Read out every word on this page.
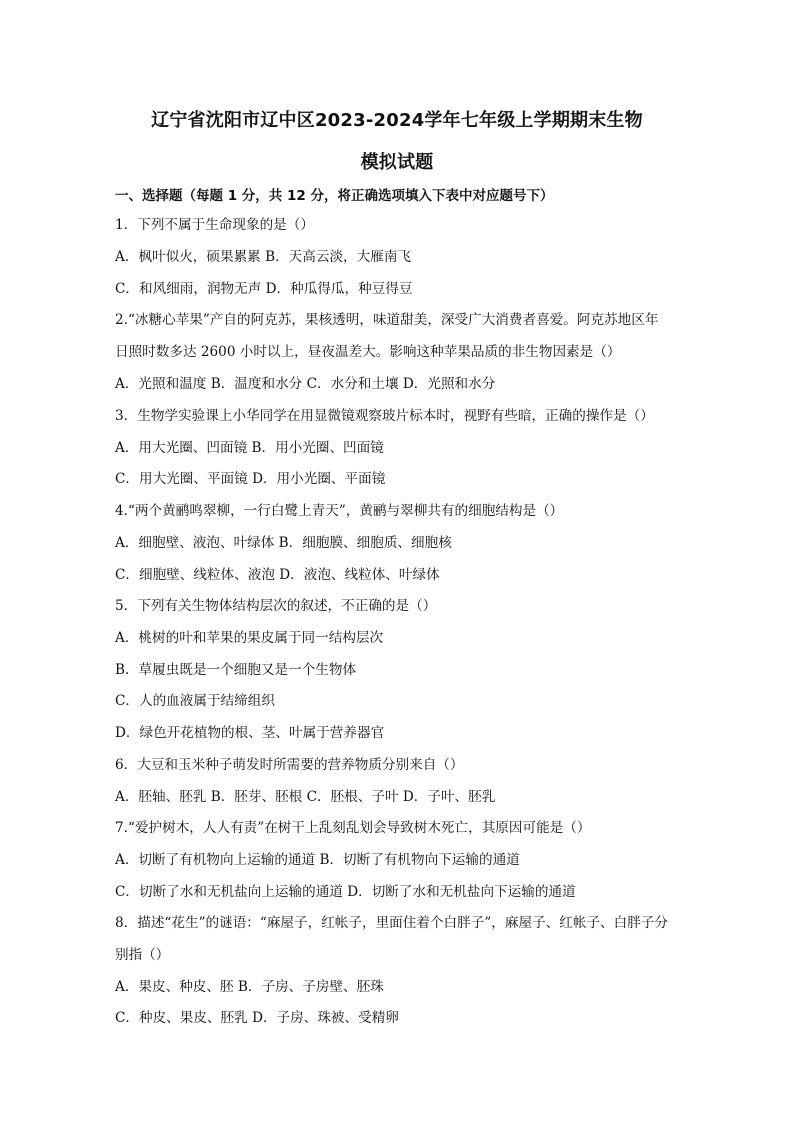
辽宁省沈阳市辽中区2023-2024学年七年级上学期期末生物
模拟试题
一、选择题（每题 1 分，共 12 分，将正确选项填入下表中对应题号下）
1．下列不属于生命现象的是（）
A．枫叶似火，硕果累累 B．天高云淡，大雁南飞
C．和风细雨，润物无声 D．种瓜得瓜，种豆得豆
2.“冰糖心苹果”产自的阿克苏，果核透明，味道甜美，深受广大消费者喜爱。阿克苏地区年
日照时数多达 2600 小时以上，昼夜温差大。影响这种苹果品质的非生物因素是（）
A．光照和温度 B．温度和水分 C．水分和土壤 D．光照和水分
3．生物学实验课上小华同学在用显微镜观察玻片标本时，视野有些暗，正确的操作是（）
A．用大光圈、凹面镜 B．用小光圈、凹面镜
C．用大光圈、平面镜 D．用小光圈、平面镜
4.“两个黄鹂鸣翠柳，一行白鹭上青天”，黄鹂与翠柳共有的细胞结构是（）
A．细胞壁、液泡、叶绿体 B．细胞膜、细胞质、细胞核
C．细胞壁、线粒体、液泡 D．液泡、线粒体、叶绿体
5．下列有关生物体结构层次的叙述，不正确的是（）
A．桃树的叶和苹果的果皮属于同一结构层次
B．草履虫既是一个细胞又是一个生物体
C．人的血液属于结缔组织
D．绿色开花植物的根、茎、叶属于营养器官
6．大豆和玉米种子萌发时所需要的营养物质分别来自（）
A．胚轴、胚乳 B．胚芽、胚根 C．胚根、子叶 D．子叶、胚乳
7.“爱护树木，人人有责”在树干上乱刻乱划会导致树木死亡，其原因可能是（）
A．切断了有机物向上运输的通道 B．切断了有机物向下运输的通道
C．切断了水和无机盐向上运输的通道 D．切断了水和无机盐向下运输的通道
8．描述“花生”的谜语：“麻屋子，红帐子，里面住着个白胖子”，麻屋子、红帐子、白胖子分
别指（）
A．果皮、种皮、胚 B．子房、子房壁、胚珠
C．种皮、果皮、胚乳 D．子房、珠被、受精卵
